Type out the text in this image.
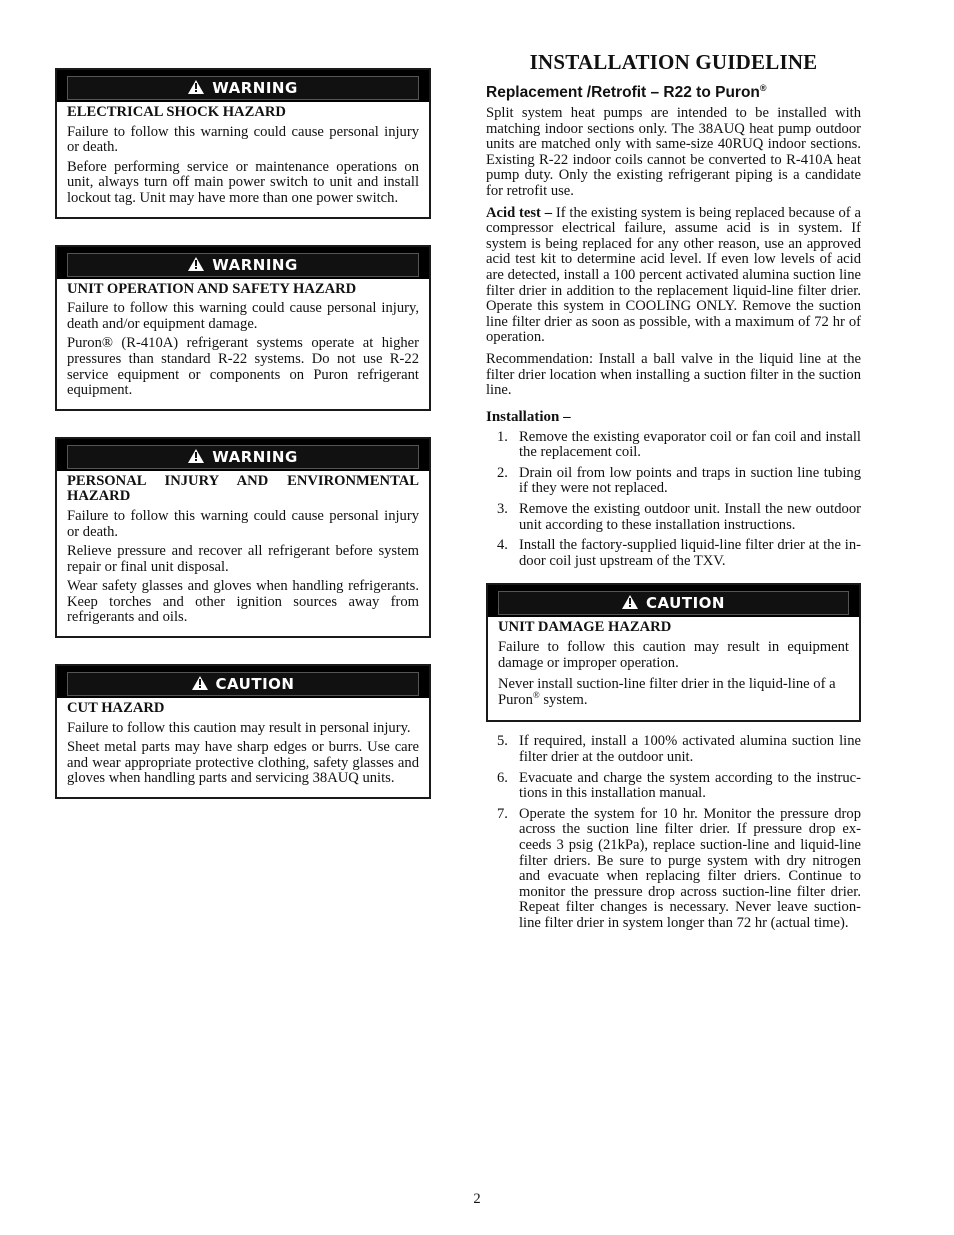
WARNING
ELECTRICAL SHOCK HAZARD

Failure to follow this warning could cause personal injury or death.

Before performing service or maintenance operations on unit, always turn off main power switch to unit and install lockout tag. Unit may have more than one power switch.

WARNING
UNIT OPERATION AND SAFETY HAZARD

Failure to follow this warning could cause personal injury, death and/or equipment damage.

Puron® (R-410A) refrigerant systems operate at higher pressures than standard R-22 systems. Do not use R-22 service equipment or components on Puron refrigerant equipment.

WARNING
PERSONAL INJURY AND ENVIRONMENTAL HAZARD

Failure to follow this warning could cause personal injury or death.

Relieve pressure and recover all refrigerant before system repair or final unit disposal.

Wear safety glasses and gloves when handling refrigerants. Keep torches and other ignition sources away from refrigerants and oils.

CAUTION
CUT HAZARD

Failure to follow this caution may result in personal injury.

Sheet metal parts may have sharp edges or burrs. Use care and wear appropriate protective clothing, safety glasses and gloves when handling parts and servicing 38AUQ units.

INSTALLATION GUIDELINE
Replacement /Retrofit – R22 to Puron®

Split system heat pumps are intended to be installed with matching indoor sections only. The 38AUQ heat pump outdoor units are matched only with same-size 40RUQ indoor sections. Existing R-22 indoor coils cannot be converted to R-410A heat pump duty. Only the existing refrigerant piping is a candidate for retrofit use.

Acid test – If the existing system is being replaced because of a compressor electrical failure, assume acid is in system. If system is being replaced for any other reason, use an approved acid test kit to determine acid level. If even low levels of acid are detected, install a 100 percent activated alumina suction line filter drier in addition to the replacement liquid-line filter drier. Operate this system in COOLING ONLY. Remove the suction line filter drier as soon as possible, with a maximum of 72 hr of operation.

Recommendation: Install a ball valve in the liquid line at the filter drier location when installing a suction filter in the suction line.

Installation –
1. Remove the existing evaporator coil or fan coil and install the replacement coil.
2. Drain oil from low points and traps in suction line tubing if they were not replaced.
3. Remove the existing outdoor unit. Install the new outdoor unit according to these installation instructions.
4. Install the factory-supplied liquid-line filter drier at the in-door coil just upstream of the TXV.
CAUTION
UNIT DAMAGE HAZARD

Failure to follow this caution may result in equipment damage or improper operation.

Never install suction-line filter drier in the liquid-line of a Puron® system.

5. If required, install a 100% activated alumina suction line filter drier at the outdoor unit.
6. Evacuate and charge the system according to the instruc-tions in this installation manual.
7. Operate the system for 10 hr. Monitor the pressure drop across the suction line filter drier. If pressure drop ex-ceeds 3 psig (21kPa), replace suction-line and liquid-line filter driers. Be sure to purge system with dry nitrogen and evacuate when replacing filter driers. Continue to monitor the pressure drop across suction-line filter drier. Repeat filter changes is necessary. Never leave suction-line filter drier in system longer than 72 hr (actual time).
2
